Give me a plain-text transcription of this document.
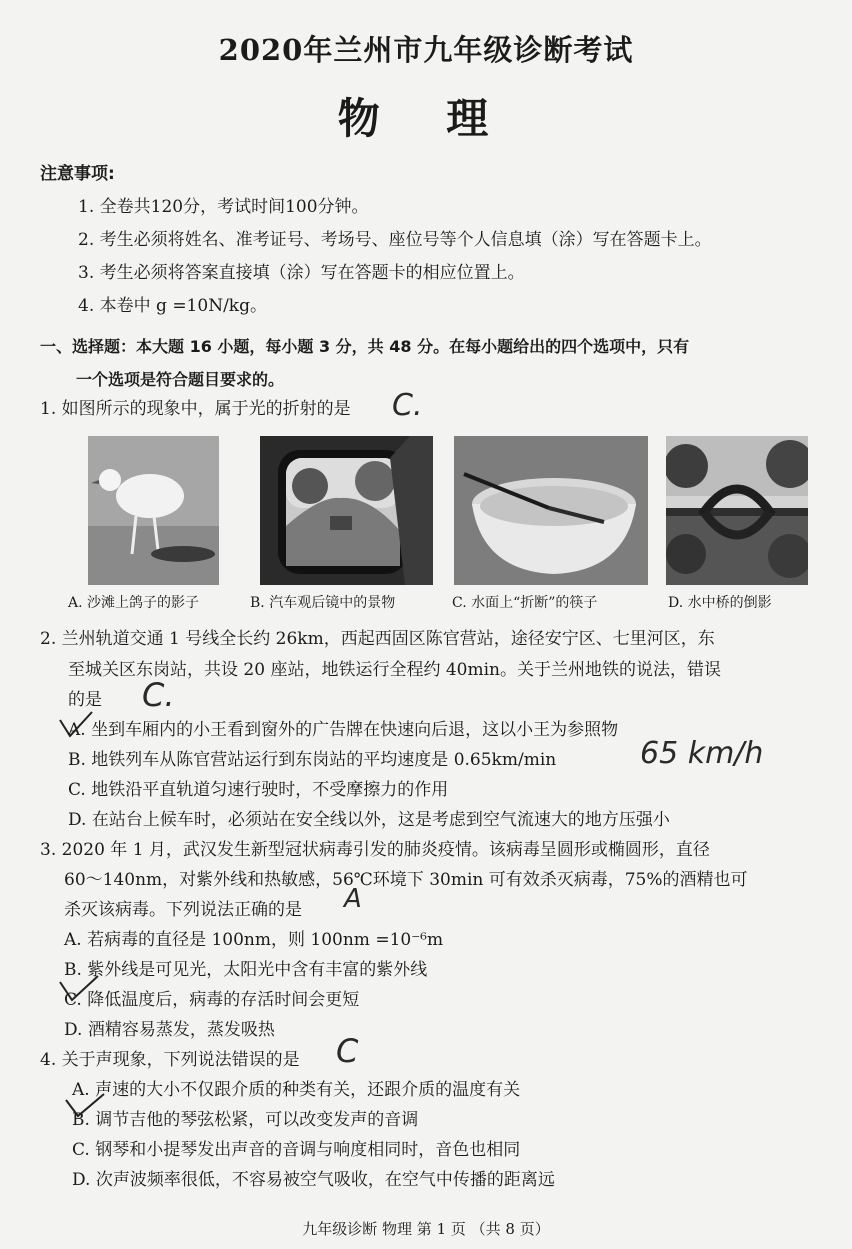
2020年兰州市九年级诊断考试
物 理
注意事项:
1. 全卷共120分，考试时间100分钟。
2. 考生必须将姓名、准考证号、考场号、座位号等个人信息填（涂）写在答题卡上。
3. 考生必须将答案直接填（涂）写在答题卡的相应位置上。
4. 本卷中 g =10N/kg。
一、选择题：本大题 16 小题，每小题 3 分，共 48 分。在每小题给出的四个选项中，只有
一个选项是符合题目要求的。
1. 如图所示的现象中，属于光的折射的是 C.
A. 沙滩上鸽子的影子	B. 汽车观后镜中的景物	C. 水面上“折断”的筷子	D. 水中桥的倒影
2. 兰州轨道交通 1 号线全长约 26km，西起西固区陈官营站，途径安宁区、七里河区，东
至城关区东岗站，共设 20 座站，地铁运行全程约 40min。关于兰州地铁的说法，错误
的是 C.
A. 坐到车厢内的小王看到窗外的广告牌在快速向后退，这以小王为参照物
B. 地铁列车从陈官营站运行到东岗站的平均速度是 0.65km/min	65 km/h
C. 地铁沿平直轨道匀速行驶时，不受摩擦力的作用
D. 在站台上候车时，必须站在安全线以外，这是考虑到空气流速大的地方压强小
3. 2020 年 1 月，武汉发生新型冠状病毒引发的肺炎疫情。该病毒呈圆形或椭圆形，直径
60～140nm，对紫外线和热敏感，56℃环境下 30min 可有效杀灭病毒，75%的酒精也可
杀灭该病毒。下列说法正确的是 A
A. 若病毒的直径是 100nm，则 100nm =10⁻⁶m
B. 紫外线是可见光，太阳光中含有丰富的紫外线
C. 降低温度后，病毒的存活时间会更短
D. 酒精容易蒸发，蒸发吸热
4. 关于声现象，下列说法错误的是 C
A. 声速的大小不仅跟介质的种类有关，还跟介质的温度有关
B. 调节吉他的琴弦松紧，可以改变发声的音调
C. 钢琴和小提琴发出声音的音调与响度相同时，音色也相同
D. 次声波频率很低，不容易被空气吸收，在空气中传播的距离远
九年级诊断 物理 第 1 页 （共 8 页）
